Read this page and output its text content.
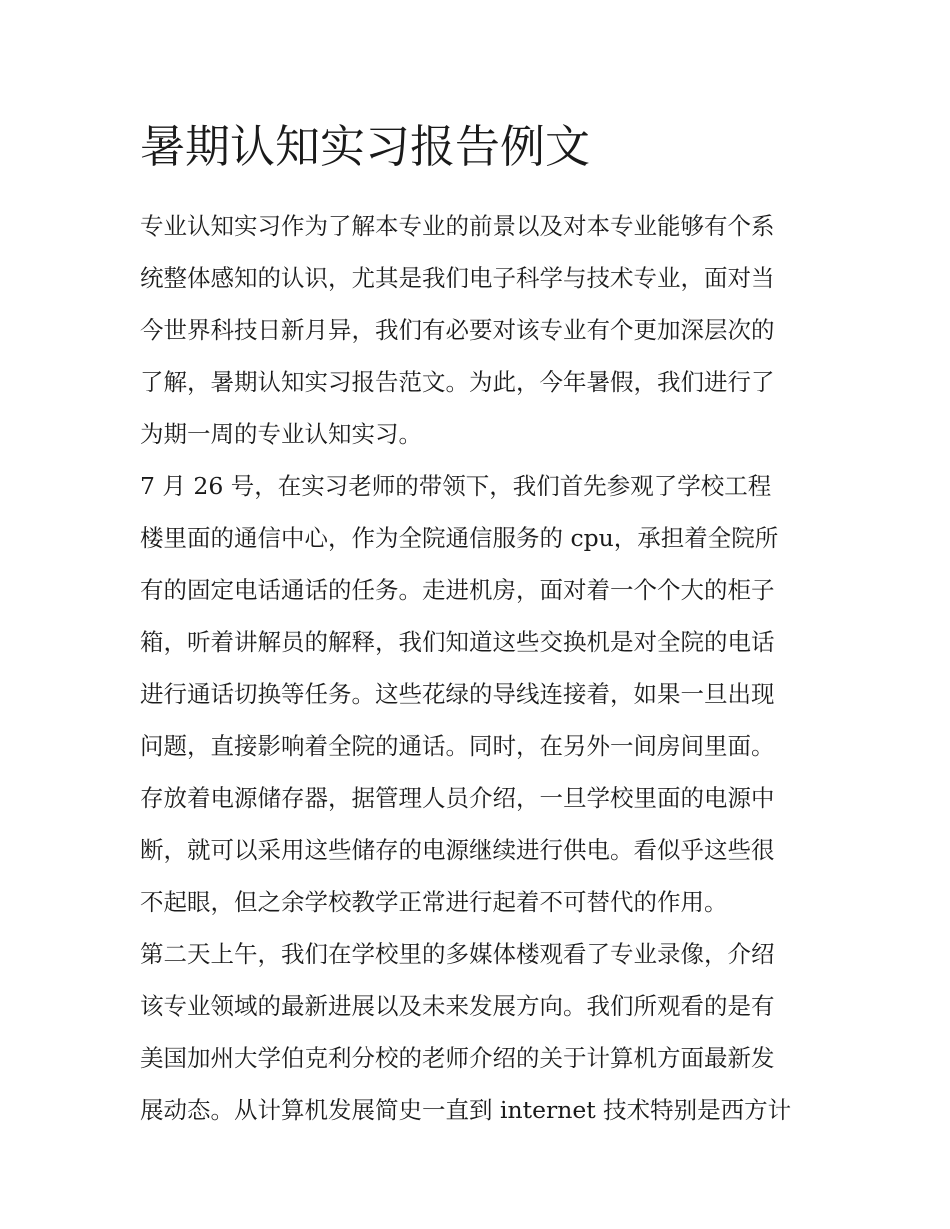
暑期认知实习报告例文

专业认知实习作为了解本专业的前景以及对本专业能够有个系

统整体感知的认识，尤其是我们电子科学与技术专业，面对当

今世界科技日新月异，我们有必要对该专业有个更加深层次的

了解，暑期认知实习报告范文。为此，今年暑假，我们进行了

为期一周的专业认知实习。

7 月 26 号，在实习老师的带领下，我们首先参观了学校工程

楼里面的通信中心，作为全院通信服务的 cpu，承担着全院所

有的固定电话通话的任务。走进机房，面对着一个个大的柜子

箱，听着讲解员的解释，我们知道这些交换机是对全院的电话

进行通话切换等任务。这些花绿的导线连接着，如果一旦出现

问题，直接影响着全院的通话。同时，在另外一间房间里面。

存放着电源储存器，据管理人员介绍，一旦学校里面的电源中

断，就可以采用这些储存的电源继续进行供电。看似乎这些很

不起眼，但之余学校教学正常进行起着不可替代的作用。

第二天上午，我们在学校里的多媒体楼观看了专业录像，介绍

该专业领域的最新进展以及未来发展方向。我们所观看的是有

美国加州大学伯克利分校的老师介绍的关于计算机方面最新发

展动态。从计算机发展简史一直到 internet 技术特别是西方计
